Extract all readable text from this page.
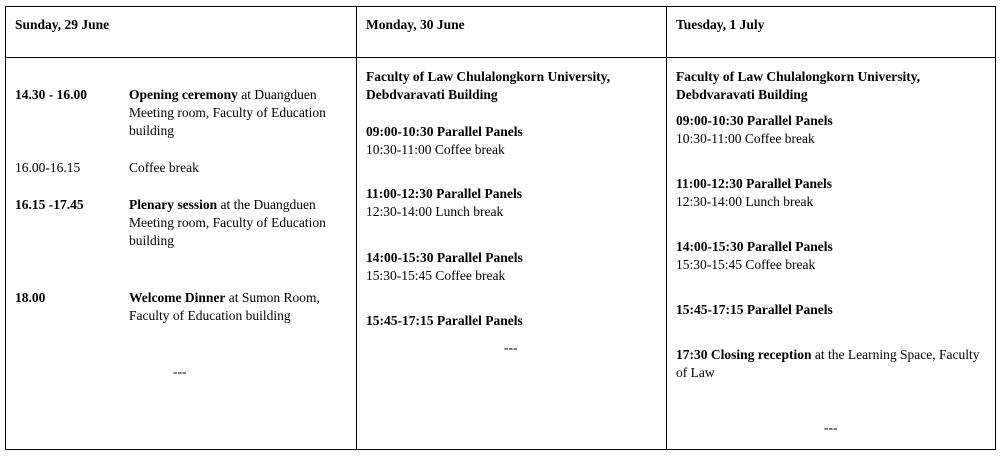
Sunday, 29 June
14.30 - 16.00	Opening ceremony at Duangduen Meeting room, Faculty of Education building
16.00-16.15	Coffee break
16.15 -17.45	Plenary session at the Duangduen Meeting room, Faculty of Education building
18.00	Welcome Dinner at Sumon Room, Faculty of Education building
---
Monday, 30 June
Faculty of Law Chulalongkorn University, Debdvaravati Building
09:00-10:30 Parallel Panels
10:30-11:00 Coffee break
11:00-12:30 Parallel Panels
12:30-14:00 Lunch break
14:00-15:30 Parallel Panels
15:30-15:45 Coffee break
15:45-17:15 Parallel Panels
---
Tuesday, 1 July
Faculty of Law Chulalongkorn University, Debdvaravati Building
09:00-10:30 Parallel Panels
10:30-11:00 Coffee break
11:00-12:30 Parallel Panels
12:30-14:00 Lunch break
14:00-15:30 Parallel Panels
15:30-15:45 Coffee break
15:45-17:15 Parallel Panels
17:30 Closing reception at the Learning Space, Faculty of Law
---
